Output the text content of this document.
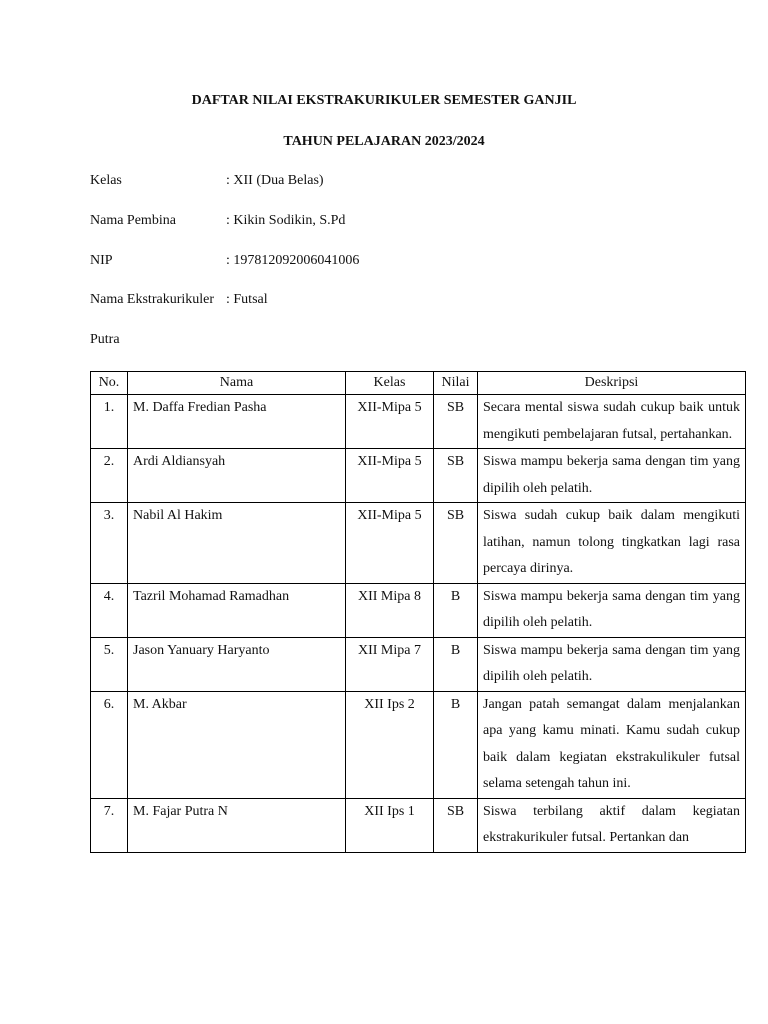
DAFTAR NILAI EKSTRAKURIKULER SEMESTER GANJIL
TAHUN PELAJARAN 2023/2024
Kelas	: XII (Dua Belas)
Nama Pembina	: Kikin Sodikin, S.Pd
NIP	: 197812092006041006
Nama Ekstrakurikuler : Futsal
Putra
No.	Nama	Kelas	Nilai	Deskripsi
1.	M. Daffa Fredian Pasha	XII-Mipa 5	SB	Secara mental siswa sudah cukup baik untuk mengikuti pembelajaran futsal, pertahankan.
2.	Ardi Aldiansyah	XII-Mipa 5	SB	Siswa mampu bekerja sama dengan tim yang dipilih oleh pelatih.
3.	Nabil Al Hakim	XII-Mipa 5	SB	Siswa sudah cukup baik dalam mengikuti latihan, namun tolong tingkatkan lagi rasa percaya dirinya.
4.	Tazril Mohamad Ramadhan	XII Mipa 8	B	Siswa mampu bekerja sama dengan tim yang dipilih oleh pelatih.
5.	Jason Yanuary Haryanto	XII Mipa 7	B	Siswa mampu bekerja sama dengan tim yang dipilih oleh pelatih.
6.	M. Akbar	XII Ips 2	B	Jangan patah semangat dalam menjalankan apa yang kamu minati. Kamu sudah cukup baik dalam kegiatan ekstrakulikuler futsal selama setengah tahun ini.
7.	M. Fajar Putra N	XII Ips 1	SB	Siswa terbilang aktif dalam kegiatan ekstrakurikuler futsal. Pertankan dan
